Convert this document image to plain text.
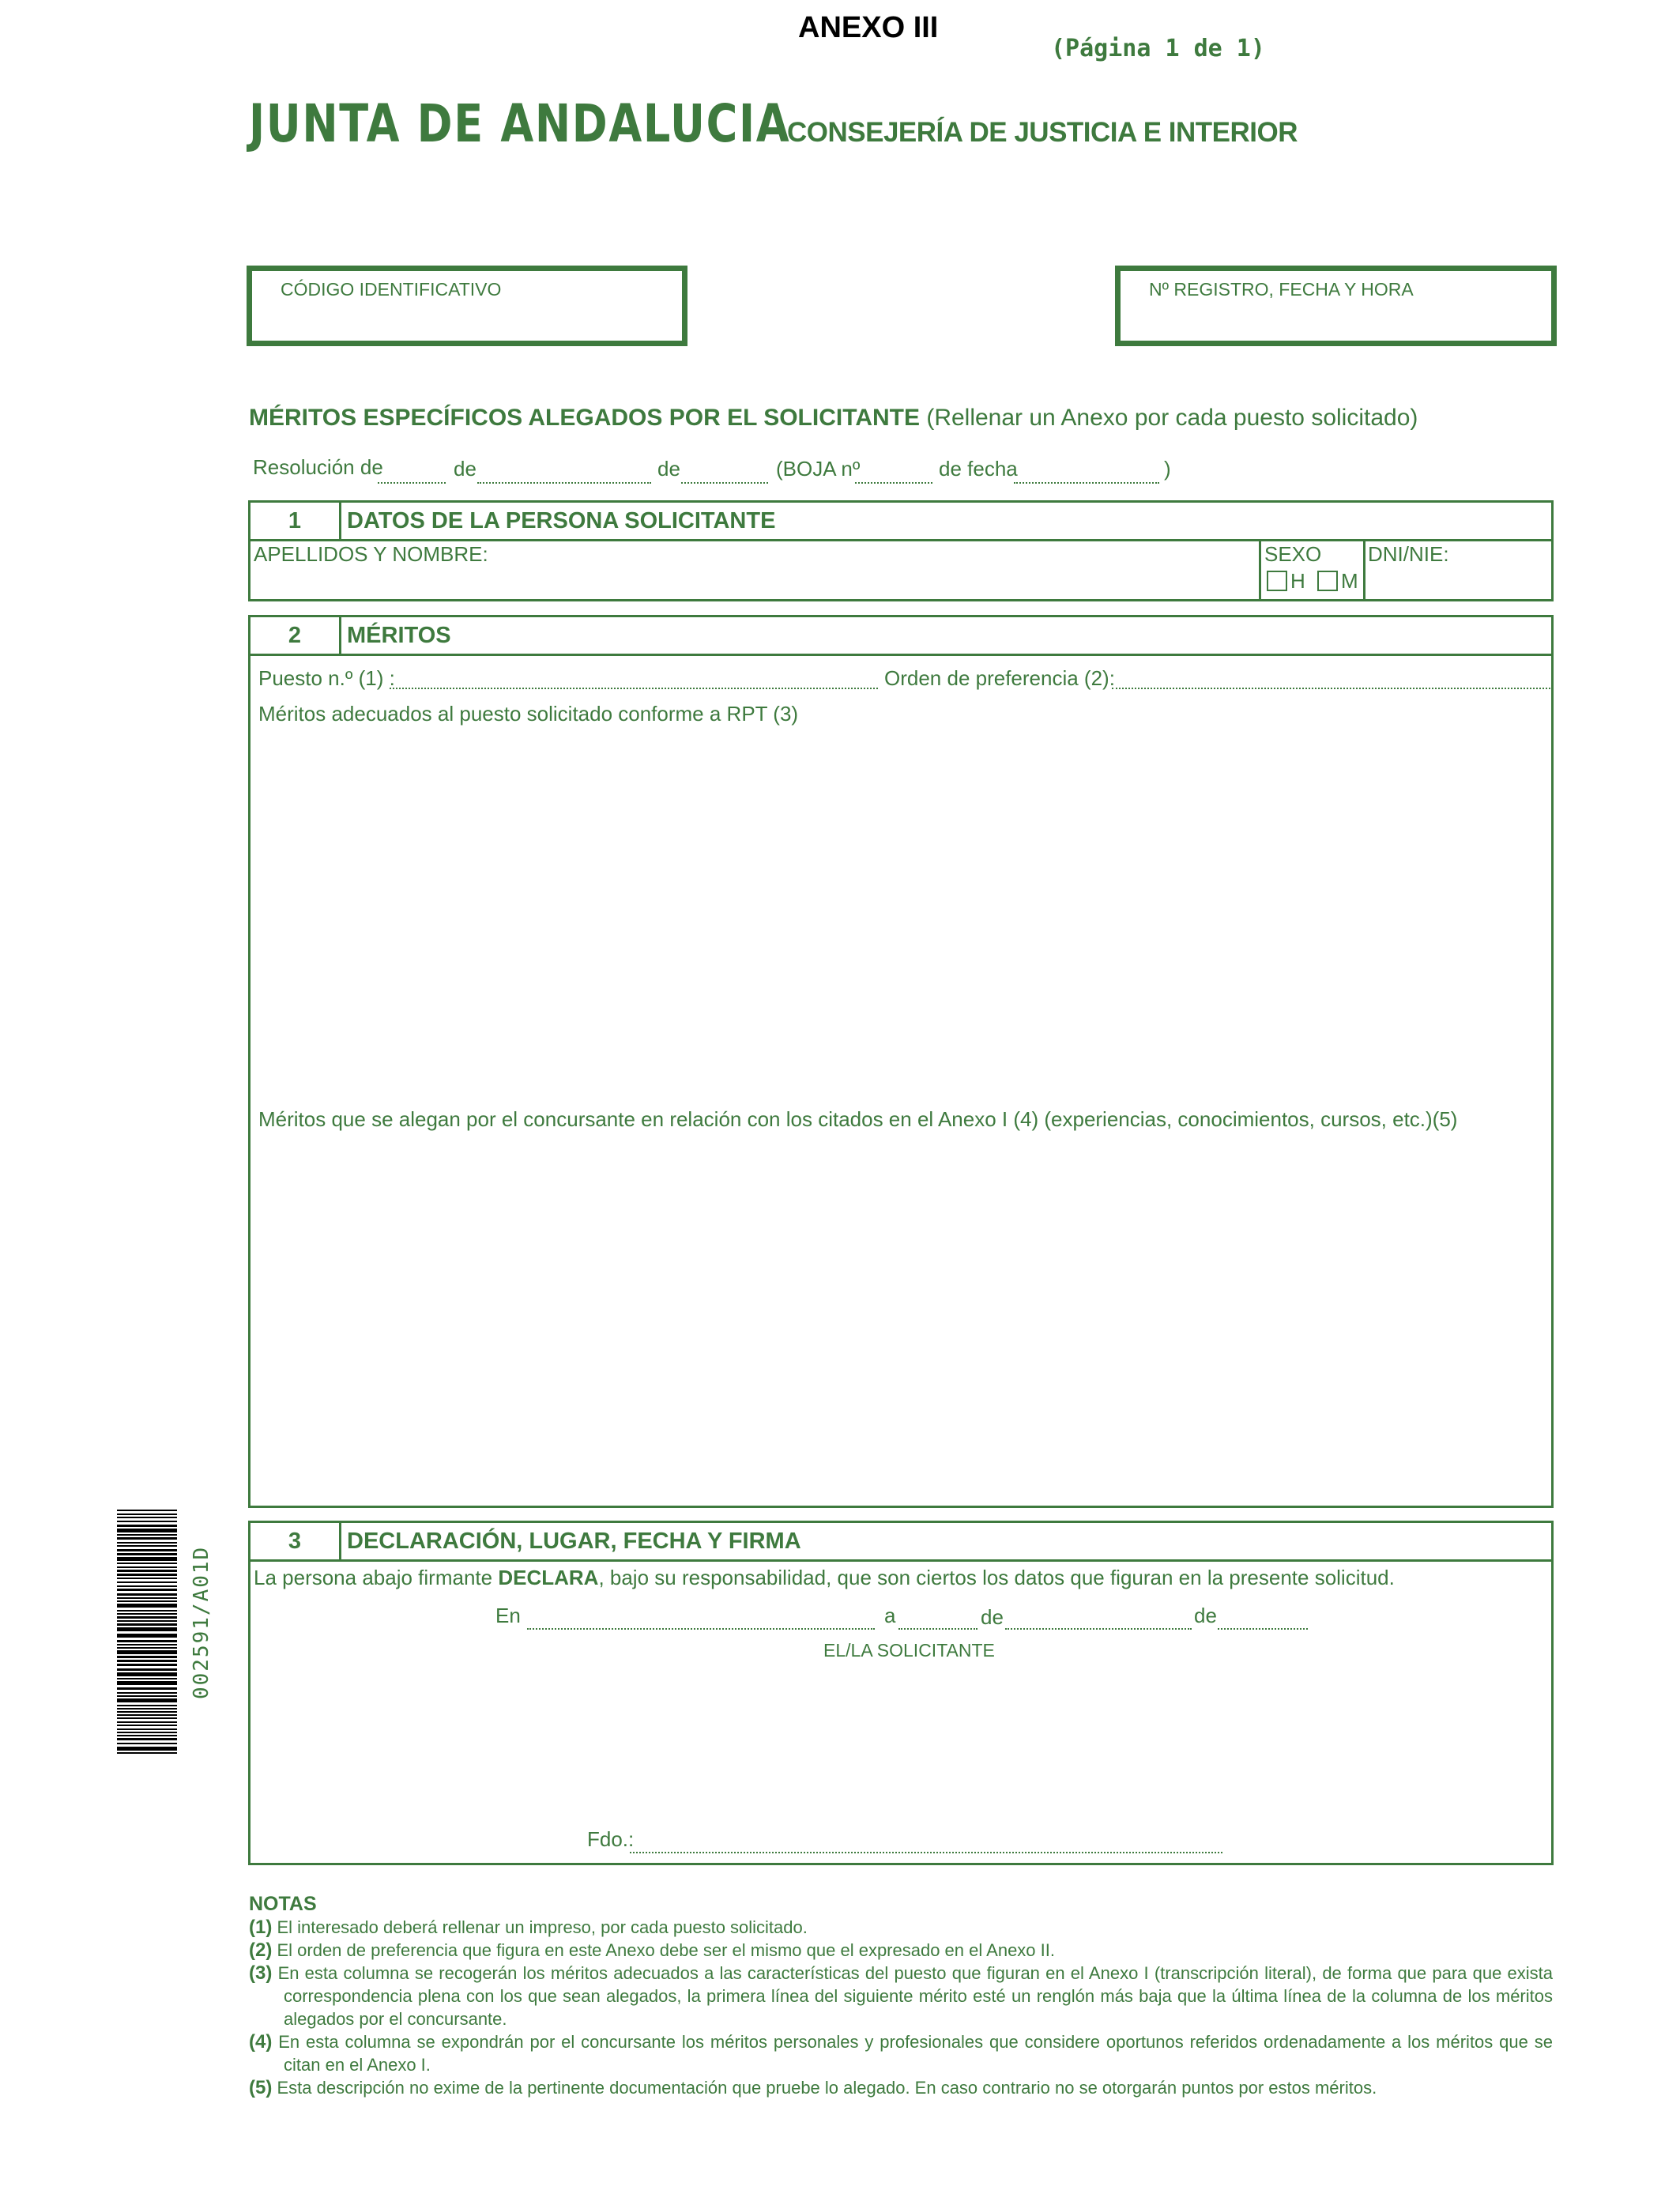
ANEXO III
(Página 1 de 1)
JUNTA DE ANDALUCIA
CONSEJERÍA DE JUSTICIA E INTERIOR
CÓDIGO IDENTIFICATIVO	Nº REGISTRO, FECHA Y HORA
MÉRITOS ESPECÍFICOS ALEGADOS POR EL SOLICITANTE (Rellenar un Anexo por cada puesto solicitado)
Resolución de	de	de	(BOJA nº	de fecha	)
1	DATOS DE LA PERSONA SOLICITANTE
APELLIDOS Y NOMBRE:	SEXO
H M
DNI/NIE:
2	MÉRITOS
Puesto n.º (1) :	Orden de preferencia (2):
Méritos adecuados al puesto solicitado conforme a RPT (3)
Méritos que se alegan por el concursante en relación con los citados en el Anexo I (4) (experiencias, conocimientos, cursos, etc.)(5)
3	DECLARACIÓN, LUGAR, FECHA Y FIRMA
La persona abajo firmante DECLARA, bajo su responsabilidad, que son ciertos los datos que figuran en la presente solicitud.
En	a	de	de
EL/LA SOLICITANTE
Fdo.:
NOTAS
(1) El interesado deberá rellenar un impreso, por cada puesto solicitado.
(2) El orden de preferencia que figura en este Anexo debe ser el mismo que el expresado en el Anexo II.
(3) En esta columna se recogerán los méritos adecuados a las características del puesto que figuran en el Anexo I (transcripción literal), de forma que para que exista correspondencia plena con los que sean alegados, la primera línea del siguiente mérito esté un renglón más baja que la última línea de la columna de los méritos alegados por el concursante.
(4) En esta columna se expondrán por el concursante los méritos personales y profesionales que considere oportunos referidos ordenadamente a los méritos que se citan en el Anexo I.
(5) Esta descripción no exime de la pertinente documentación que pruebe lo alegado. En caso contrario no se otorgarán puntos por estos méritos.
002591/A01D
